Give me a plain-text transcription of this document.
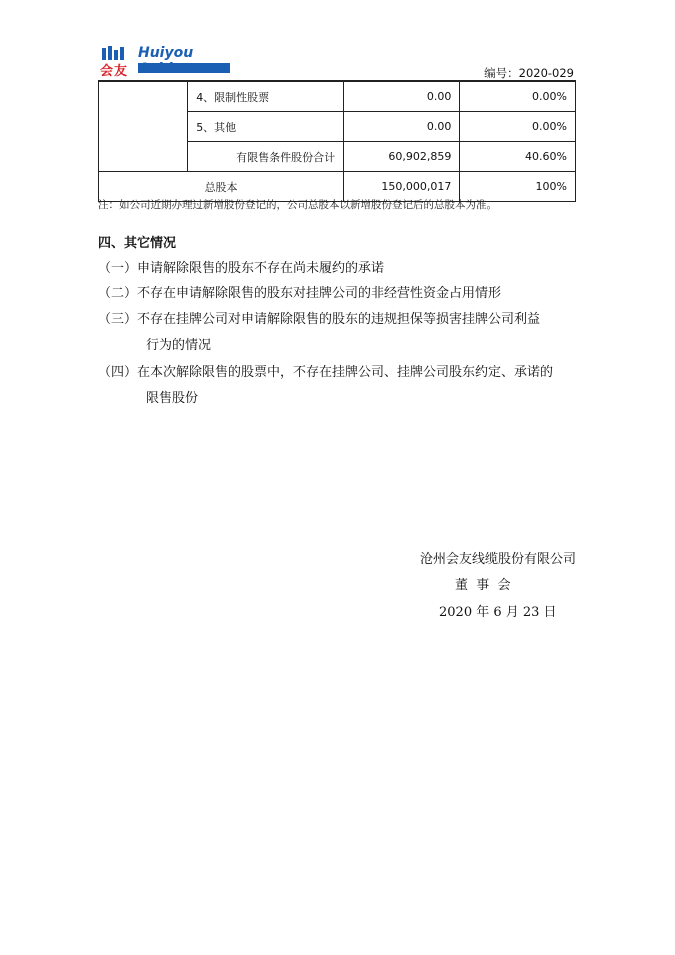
会友
Huiyou
编号：2020-029
	4、限制性股票	0.00	0.00%
	5、其他	0.00	0.00%
	有限售条件股份合计	60,902,859	40.60%
总股本		150,000,017	100%
注：如公司近期办理过新增股份登记的，公司总股本以新增股份登记后的总股本为准。
四、其它情况
（一）申请解除限售的股东不存在尚未履约的承诺
（二）不存在申请解除限售的股东对挂牌公司的非经营性资金占用情形
（三）不存在挂牌公司对申请解除限售的股东的违规担保等损害挂牌公司利益
行为的情况
（四）在本次解除限售的股票中，不存在挂牌公司、挂牌公司股东约定、承诺的
限售股份
沧州会友线缆股份有限公司
董  事  会
2020 年 6 月 23 日
